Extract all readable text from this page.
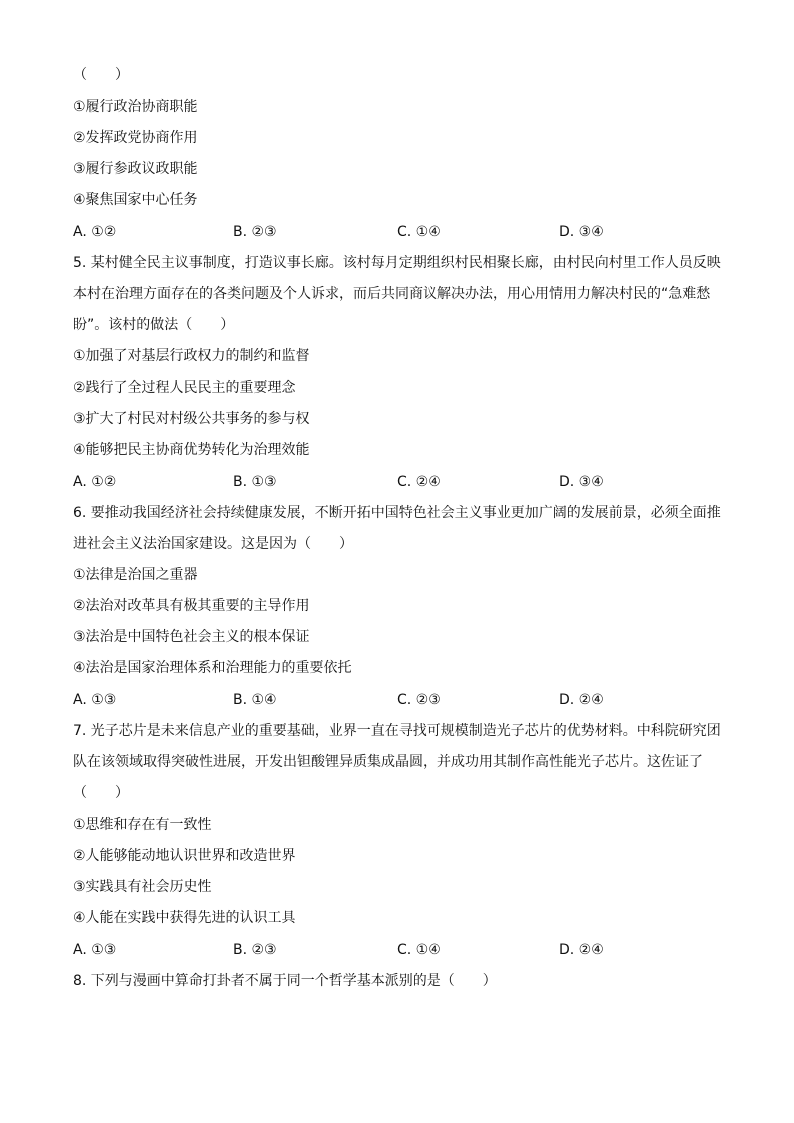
（　　）
①履行政治协商职能
②发挥政党协商作用
③履行参政议政职能
④聚焦国家中心任务
A. ①②	B. ②③	C. ①④	D. ③④
5. 某村健全民主议事制度，打造议事长廊。该村每月定期组织村民相聚长廊，由村民向村里工作人员反映
本村在治理方面存在的各类问题及个人诉求，而后共同商议解决办法，用心用情用力解决村民的“急难愁
盼”。该村的做法（　　）
①加强了对基层行政权力的制约和监督
②践行了全过程人民民主的重要理念
③扩大了村民对村级公共事务的参与权
④能够把民主协商优势转化为治理效能
A. ①②	B. ①③	C. ②④	D. ③④
6. 要推动我国经济社会持续健康发展，不断开拓中国特色社会主义事业更加广阔的发展前景，必须全面推
进社会主义法治国家建设。这是因为（　　）
①法律是治国之重器
②法治对改革具有极其重要的主导作用
③法治是中国特色社会主义的根本保证
④法治是国家治理体系和治理能力的重要依托
A. ①③	B. ①④	C. ②③	D. ②④
7. 光子芯片是未来信息产业的重要基础，业界一直在寻找可规模制造光子芯片的优势材料。中科院研究团
队在该领域取得突破性进展，开发出钽酸锂异质集成晶圆，并成功用其制作高性能光子芯片。这佐证了
（　　）
①思维和存在有一致性
②人能够能动地认识世界和改造世界
③实践具有社会历史性
④人能在实践中获得先进的认识工具
A. ①③	B. ②③	C. ①④	D. ②④
8. 下列与漫画中算命打卦者不属于同一个哲学基本派别的是（　　）
